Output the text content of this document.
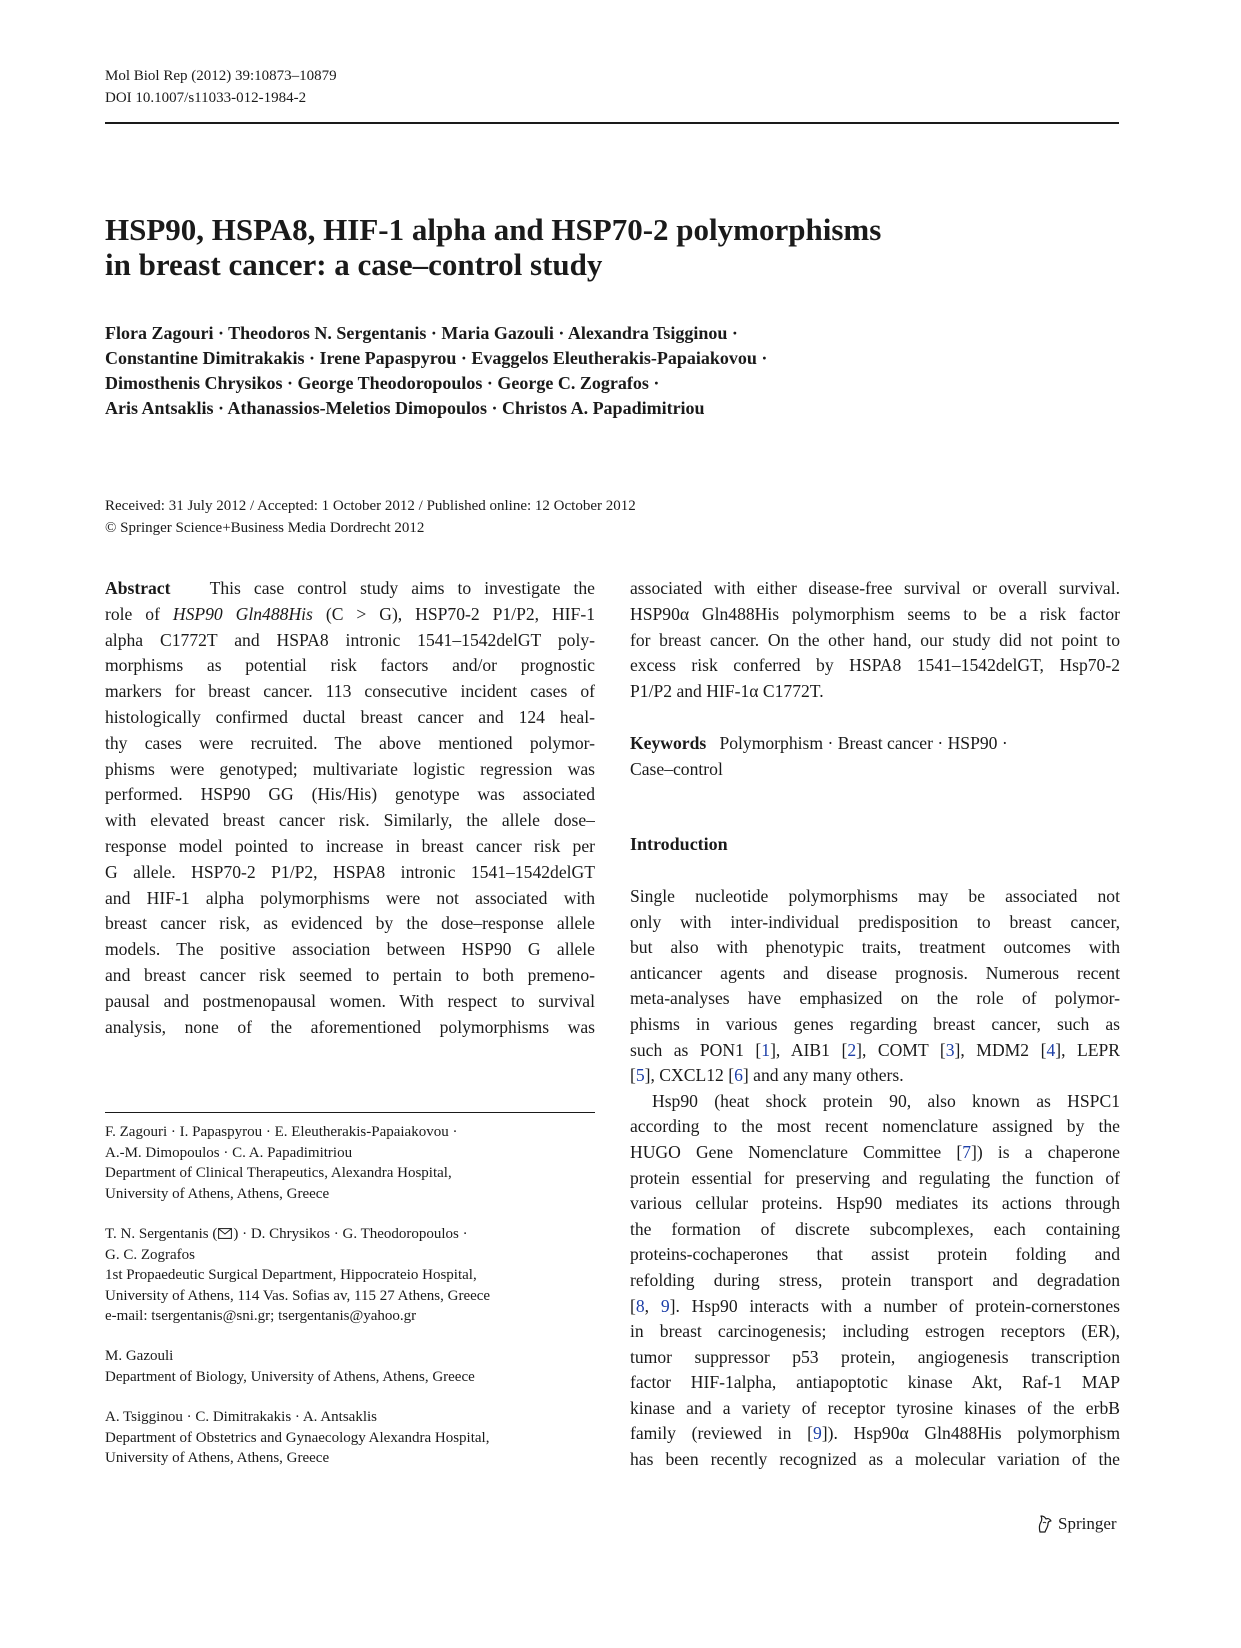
Mol Biol Rep (2012) 39:10873–10879
DOI 10.1007/s11033-012-1984-2
HSP90, HSPA8, HIF-1 alpha and HSP70-2 polymorphisms
in breast cancer: a case–control study
Flora Zagouri · Theodoros N. Sergentanis · Maria Gazouli · Alexandra Tsigginou ·
Constantine Dimitrakakis · Irene Papaspyrou · Evaggelos Eleutherakis-Papaiakovou ·
Dimosthenis Chrysikos · George Theodoropoulos · George C. Zografos ·
Aris Antsaklis · Athanassios-Meletios Dimopoulos · Christos A. Papadimitriou
Received: 31 July 2012 / Accepted: 1 October 2012 / Published online: 12 October 2012
© Springer Science+Business Media Dordrecht 2012
Abstract This case control study aims to investigate the
role of HSP90 Gln488His (C > G), HSP70-2 P1/P2, HIF-1
alpha C1772T and HSPA8 intronic 1541–1542delGT poly-
morphisms as potential risk factors and/or prognostic
markers for breast cancer. 113 consecutive incident cases of
histologically confirmed ductal breast cancer and 124 heal-
thy cases were recruited. The above mentioned polymor-
phisms were genotyped; multivariate logistic regression was
performed. HSP90 GG (His/His) genotype was associated
with elevated breast cancer risk. Similarly, the allele dose–
response model pointed to increase in breast cancer risk per
G allele. HSP70-2 P1/P2, HSPA8 intronic 1541–1542delGT
and HIF-1 alpha polymorphisms were not associated with
breast cancer risk, as evidenced by the dose–response allele
models. The positive association between HSP90 G allele
and breast cancer risk seemed to pertain to both premeno-
pausal and postmenopausal women. With respect to survival
analysis, none of the aforementioned polymorphisms was
associated with either disease-free survival or overall survival.
HSP90α Gln488His polymorphism seems to be a risk factor
for breast cancer. On the other hand, our study did not point to
excess risk conferred by HSPA8 1541–1542delGT, Hsp70-2
P1/P2 and HIF-1α C1772T.
Keywords Polymorphism · Breast cancer · HSP90 ·
Case–control
Introduction
Single nucleotide polymorphisms may be associated not
only with inter-individual predisposition to breast cancer,
but also with phenotypic traits, treatment outcomes with
anticancer agents and disease prognosis. Numerous recent
meta-analyses have emphasized on the role of polymor-
phisms in various genes regarding breast cancer, such as
such as PON1 [1], AIB1 [2], COMT [3], MDM2 [4], LEPR
[5], CXCL12 [6] and any many others.
Hsp90 (heat shock protein 90, also known as HSPC1
according to the most recent nomenclature assigned by the
HUGO Gene Nomenclature Committee [7]) is a chaperone
protein essential for preserving and regulating the function of
various cellular proteins. Hsp90 mediates its actions through
the formation of discrete subcomplexes, each containing
proteins-cochaperones that assist protein folding and
refolding during stress, protein transport and degradation
[8, 9]. Hsp90 interacts with a number of protein-cornerstones
in breast carcinogenesis; including estrogen receptors (ER),
tumor suppressor p53 protein, angiogenesis transcription
factor HIF-1alpha, antiapoptotic kinase Akt, Raf-1 MAP
kinase and a variety of receptor tyrosine kinases of the erbB
family (reviewed in [9]). Hsp90α Gln488His polymorphism
has been recently recognized as a molecular variation of the
F. Zagouri · I. Papaspyrou · E. Eleutherakis-Papaiakovou ·
A.-M. Dimopoulos · C. A. Papadimitriou
Department of Clinical Therapeutics, Alexandra Hospital,
University of Athens, Athens, Greece
T. N. Sergentanis ( ) · D. Chrysikos · G. Theodoropoulos ·
G. C. Zografos
1st Propaedeutic Surgical Department, Hippocrateio Hospital,
University of Athens, 114 Vas. Sofias av, 115 27 Athens, Greece
e-mail: tsergentanis@sni.gr; tsergentanis@yahoo.gr
M. Gazouli
Department of Biology, University of Athens, Athens, Greece
A. Tsigginou · C. Dimitrakakis · A. Antsaklis
Department of Obstetrics and Gynaecology Alexandra Hospital,
University of Athens, Athens, Greece
Springer
